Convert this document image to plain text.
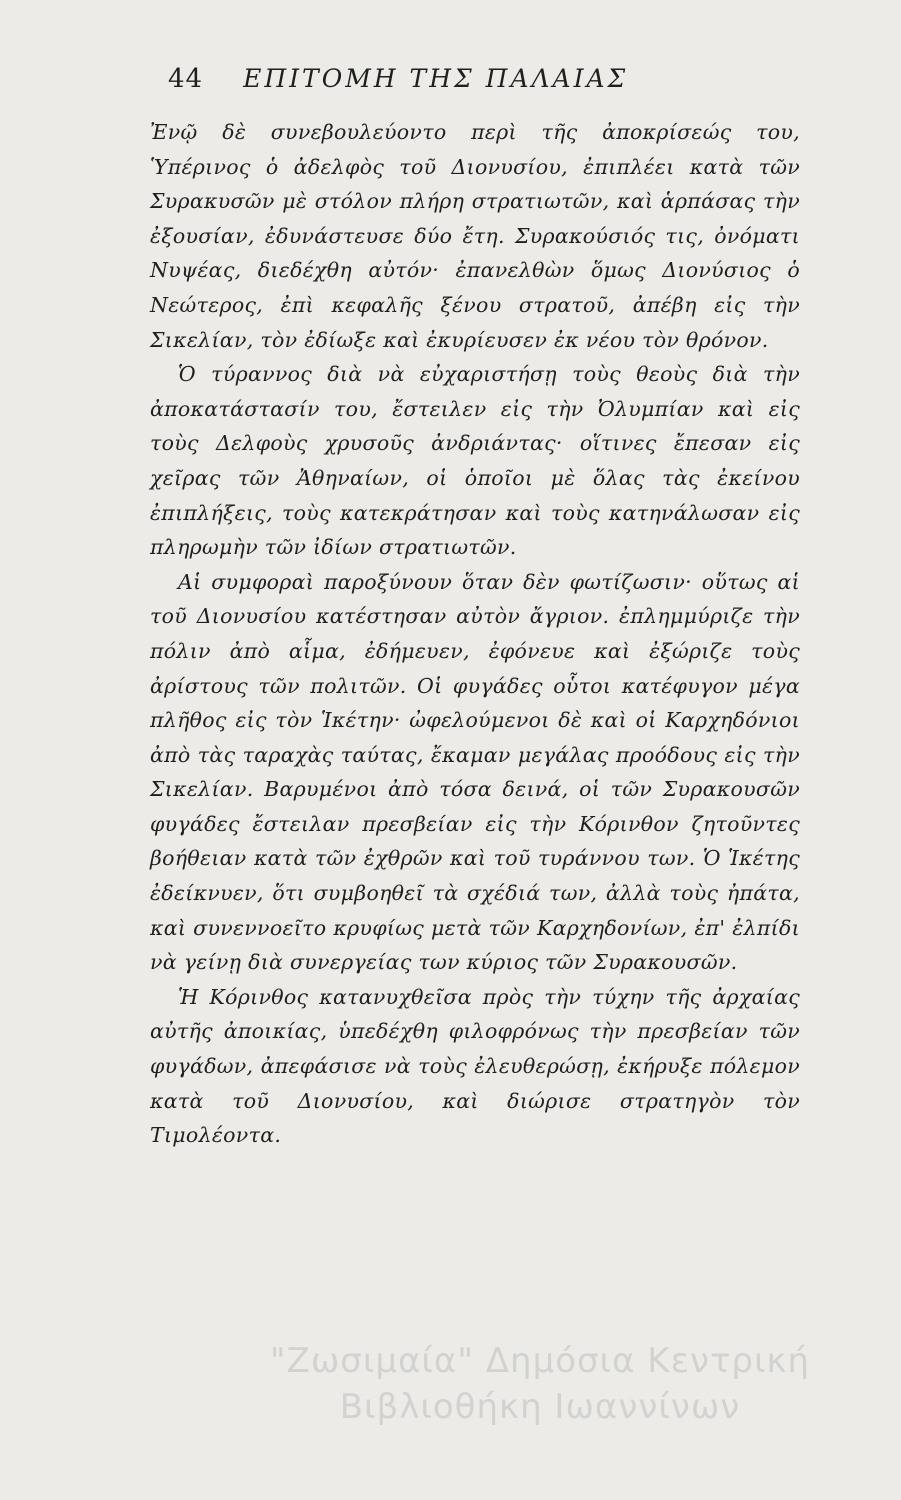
44 ΕΠΙΤΟΜΗ ΤΗΣ ΠΑΛΑΙΑΣ

Ἐνῷ δὲ συνεβουλεύοντο περὶ τῆς ἀποκρίσεώς του, Ὑπέρινος ὁ ἀδελφὸς τοῦ Διονυσίου, ἐπιπλέει κατὰ τῶν Συρακυσῶν μὲ στόλον πλήρη στρατιωτῶν, καὶ ἁρπάσας τὴν ἐξουσίαν, ἐδυνάστευσε δύο ἔτη. Συρακούσιός τις, ὀνόματι Νυψέας, διεδέχθη αὐτόν· ἐπανελθὼν ὅμως Διονύσιος ὁ Νεώτερος, ἐπὶ κεφαλῆς ξένου στρατοῦ, ἀπέβη εἰς τὴν Σικελίαν, τὸν ἐδίωξε καὶ ἐκυρίευσεν ἐκ νέου τὸν θρόνον.

Ὁ τύραννος διὰ νὰ εὐχαριστήσῃ τοὺς θεοὺς διὰ τὴν ἀποκατάστασίν του, ἔστειλεν εἰς τὴν Ὀλυμπίαν καὶ εἰς τοὺς Δελφοὺς χρυσοῦς ἀνδριάντας· οἵτινες ἔπεσαν εἰς χεῖρας τῶν Ἀθηναίων, οἱ ὁποῖοι μὲ ὅλας τὰς ἐκείνου ἐπιπλήξεις, τοὺς κατεκράτησαν καὶ τοὺς κατηνάλωσαν εἰς πληρωμὴν τῶν ἰδίων στρατιωτῶν.

Αἱ συμφοραὶ παροξύνουν ὅταν δὲν φωτίζωσιν· οὕτως αἱ τοῦ Διονυσίου κατέστησαν αὐτὸν ἄγριον. ἐπλημμύριζε τὴν πόλιν ἀπὸ αἷμα, ἐδήμευεν, ἐφόνευε καὶ ἐξώριζε τοὺς ἀρίστους τῶν πολιτῶν. Οἱ φυγάδες οὗτοι κατέφυγον μέγα πλῆθος εἰς τὸν Ἱκέτην· ὠφελούμενοι δὲ καὶ οἱ Καρχηδόνιοι ἀπὸ τὰς ταραχὰς ταύτας, ἔκαμαν μεγάλας προόδους εἰς τὴν Σικελίαν. Βαρυμένοι ἀπὸ τόσα δεινά, οἱ τῶν Συρακουσῶν φυγάδες ἔστειλαν πρεσβείαν εἰς τὴν Κόρινθον ζητοῦντες βοήθειαν κατὰ τῶν ἐχθρῶν καὶ τοῦ τυράννου των. Ὁ Ἱκέτης ἐδείκνυεν, ὅτι συμβοηθεῖ τὰ σχέδιά των, ἀλλὰ τοὺς ἠπάτα, καὶ συνεννοεῖτο κρυφίως μετὰ τῶν Καρχηδονίων, ἐπ' ἐλπίδι νὰ γείνῃ διὰ συνεργείας των κύριος τῶν Συρακουσῶν.

Ἡ Κόρινθος κατανυχθεῖσα πρὸς τὴν τύχην τῆς ἀρχαίας αὐτῆς ἀποικίας, ὑπεδέχθη φιλοφρόνως τὴν πρεσβείαν τῶν φυγάδων, ἀπεφάσισε νὰ τοὺς ἐλευθερώσῃ, ἐκήρυξε πόλεμον κατὰ τοῦ Διονυσίου, καὶ διώρισε στρατηγὸν τὸν Τιμολέοντα.

"Ζωσιμαία" Δημόσια Κεντρική
Βιβλιοθήκη Ιωαννίνων
